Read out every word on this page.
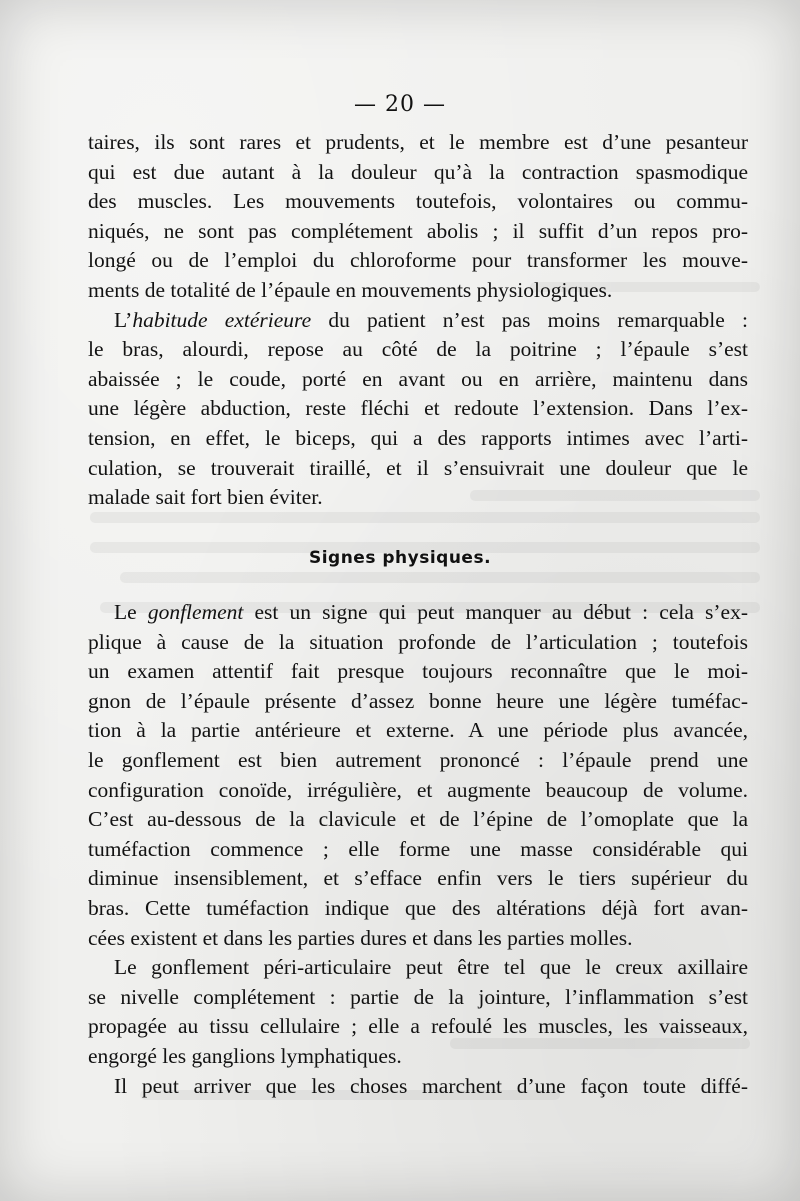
— 20 —
taires, ils sont rares et prudents, et le membre est d’une pesanteur
qui est due autant à la douleur qu’à la contraction spasmodique
des muscles. Les mouvements toutefois, volontaires ou commu-
niqués, ne sont pas complétement abolis ; il suffit d’un repos pro-
longé ou de l’emploi du chloroforme pour transformer les mouve-
ments de totalité de l’épaule en mouvements physiologiques.
L’habitude extérieure du patient n’est pas moins remarquable :
le bras, alourdi, repose au côté de la poitrine ; l’épaule s’est
abaissée ; le coude, porté en avant ou en arrière, maintenu dans
une légère abduction, reste fléchi et redoute l’extension. Dans l’ex-
tension, en effet, le biceps, qui a des rapports intimes avec l’arti-
culation, se trouverait tiraillé, et il s’ensuivrait une douleur que le
malade sait fort bien éviter.
Signes physiques.
Le gonflement est un signe qui peut manquer au début : cela s’ex-
plique à cause de la situation profonde de l’articulation ; toutefois
un examen attentif fait presque toujours reconnaître que le moi-
gnon de l’épaule présente d’assez bonne heure une légère tuméfac-
tion à la partie antérieure et externe. A une période plus avancée,
le gonflement est bien autrement prononcé : l’épaule prend une
configuration conoïde, irrégulière, et augmente beaucoup de volume.
C’est au-dessous de la clavicule et de l’épine de l’omoplate que la
tuméfaction commence ; elle forme une masse considérable qui
diminue insensiblement, et s’efface enfin vers le tiers supérieur du
bras. Cette tuméfaction indique que des altérations déjà fort avan-
cées existent et dans les parties dures et dans les parties molles.
Le gonflement péri-articulaire peut être tel que le creux axillaire
se nivelle complétement : partie de la jointure, l’inflammation s’est
propagée au tissu cellulaire ; elle a refoulé les muscles, les vaisseaux,
engorgé les ganglions lymphatiques.
Il peut arriver que les choses marchent d’une façon toute diffé-
